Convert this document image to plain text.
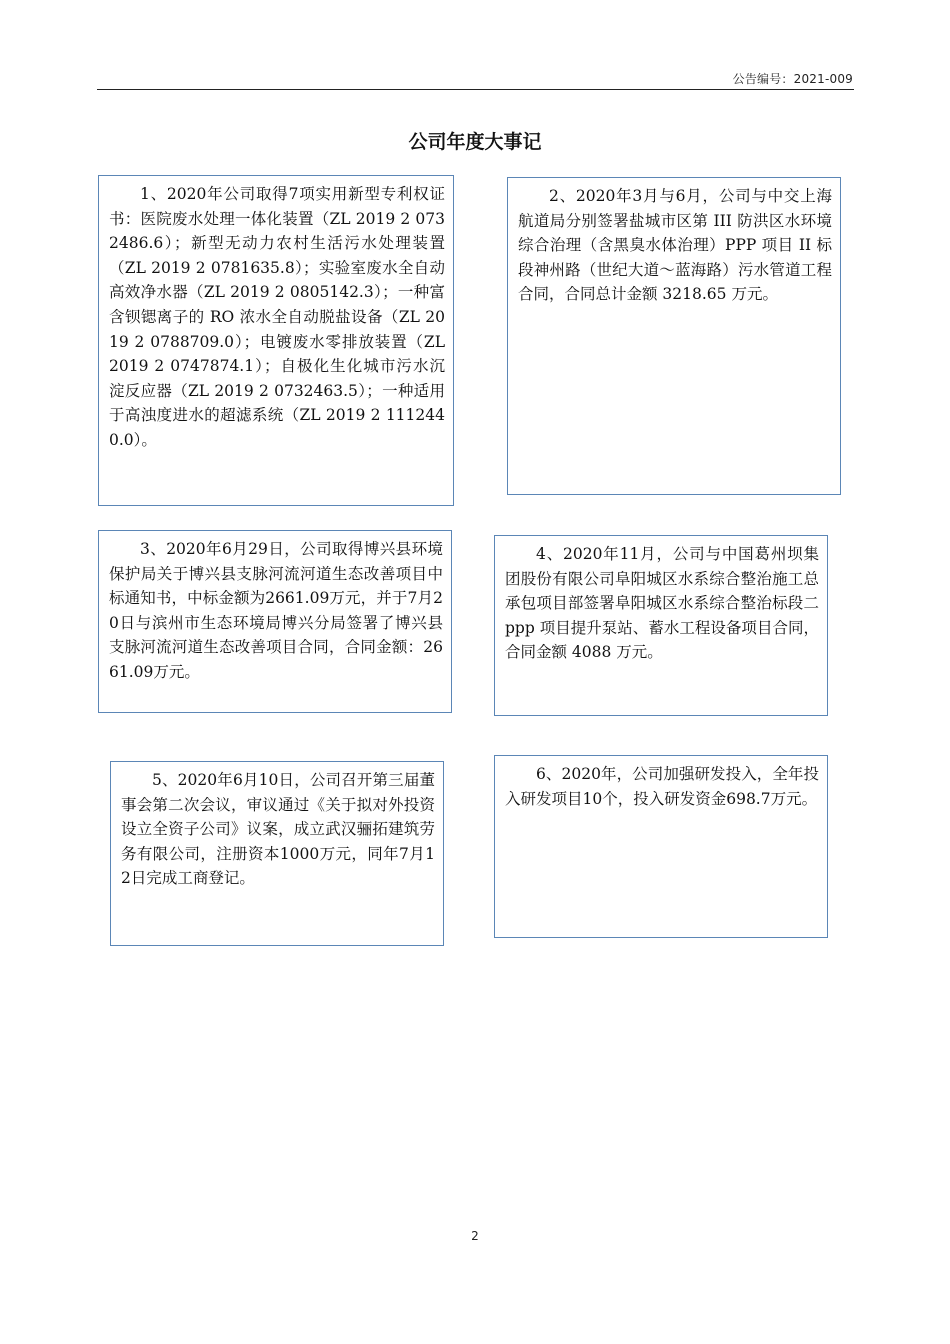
公告编号：2021-009
公司年度大事记
1、2020年公司取得7项实用新型专利权证书：医院废水处理一体化装置（ZL 2019 2 0732486.6）；新型无动力农村生活污水处理装置（ZL 2019 2 0781635.8）；实验室废水全自动高效净水器（ZL 2019 2 0805142.3）；一种富含钡锶离子的 RO 浓水全自动脱盐设备（ZL 2019 2 0788709.0）；电镀废水零排放装置（ZL 2019 2 0747874.1）；自极化生化城市污水沉淀反应器（ZL 2019 2 0732463.5）；一种适用于高浊度进水的超滤系统（ZL 2019 2 1112440.0）。
2、2020年3月与6月，公司与中交上海航道局分别签署盐城市区第 III 防洪区水环境综合治理（含黑臭水体治理）PPP 项目 II 标段神州路（世纪大道～蓝海路）污水管道工程合同，合同总计金额 3218.65 万元。
3、2020年6月29日，公司取得博兴县环境保护局关于博兴县支脉河流河道生态改善项目中标通知书，中标金额为2661.09万元，并于7月20日与滨州市生态环境局博兴分局签署了博兴县支脉河流河道生态改善项目合同，合同金额：2661.09万元。
4、2020年11月，公司与中国葛州坝集团股份有限公司阜阳城区水系综合整治施工总承包项目部签署阜阳城区水系综合整治标段二 ppp 项目提升泵站、蓄水工程设备项目合同，合同金额 4088 万元。
5、2020年6月10日，公司召开第三届董事会第二次会议，审议通过《关于拟对外投资设立全资子公司》议案，成立武汉骊拓建筑劳务有限公司，注册资本1000万元，同年7月12日完成工商登记。
6、2020年，公司加强研发投入，全年投入研发项目10个，投入研发资金698.7万元。
2
